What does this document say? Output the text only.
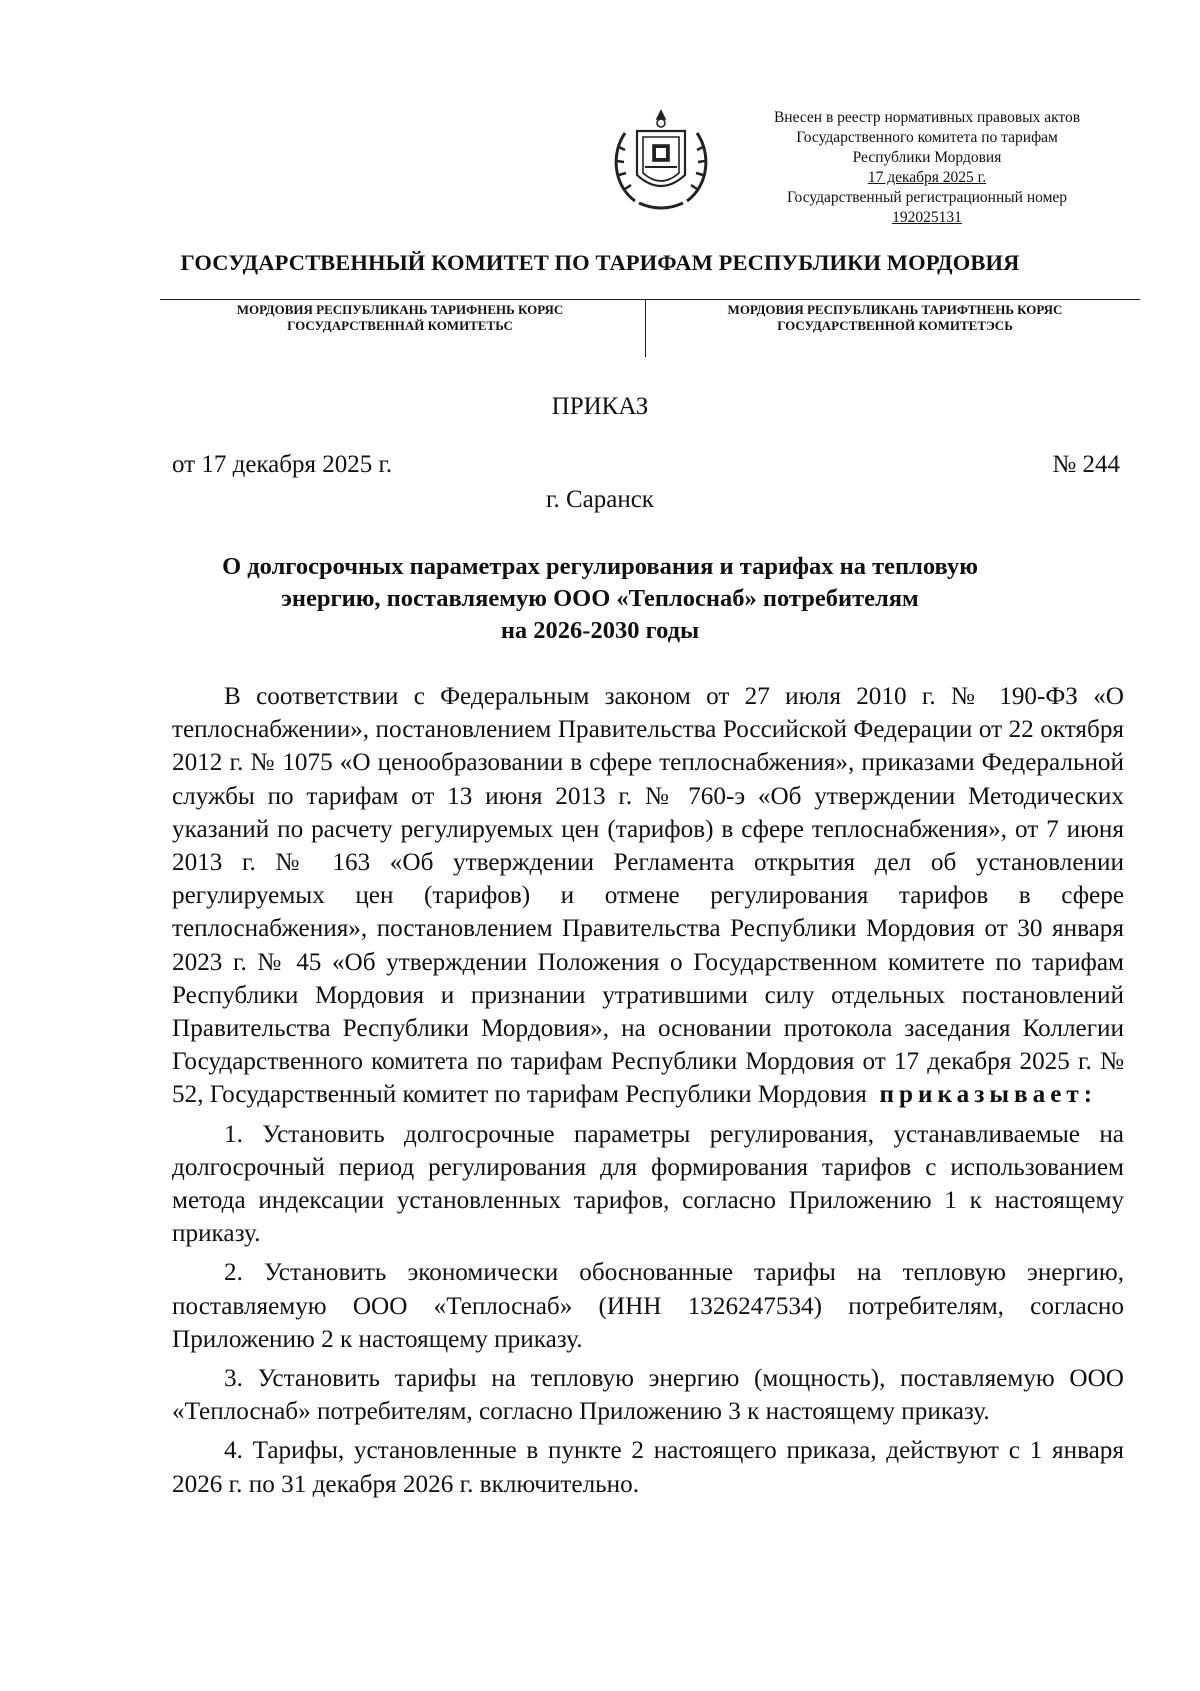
Внесен в реестр нормативных правовых актов
Государственного комитета по тарифам
Республики Мордовия
17 декабря 2025 г.
Государственный регистрационный номер
192025131
ГОСУДАРСТВЕННЫЙ КОМИТЕТ ПО ТАРИФАМ РЕСПУБЛИКИ МОРДОВИЯ
МОРДОВИЯ РЕСПУБЛИКАНЬ ТАРИФНЕНЬ КОРЯС
ГОСУДАРСТВЕННАЙ КОМИТЕТЬС
МОРДОВИЯ РЕСПУБЛИКАНЬ ТАРИФТНЕНЬ КОРЯС
ГОСУДАРСТВЕННОЙ КОМИТЕТЭСЬ
ПРИКАЗ
от 17 декабря 2025 г.	№ 244
г. Саранск
О долгосрочных параметрах регулирования и тарифах на тепловую
энергию, поставляемую ООО «Теплоснаб» потребителям
на 2026-2030 годы

В соответствии с Федеральным законом от 27 июля 2010 г. № 190-ФЗ «О теплоснабжении», постановлением Правительства Российской Федерации от 22 октября 2012 г. № 1075 «О ценообразовании в сфере теплоснабжения», приказами Федеральной службы по тарифам от 13 июня 2013 г. № 760-э «Об утверждении Методических указаний по расчету регулируемых цен (тарифов) в сфере теплоснабжения», от 7 июня 2013 г. № 163 «Об утверждении Регламента открытия дел об установлении регулируемых цен (тарифов) и отмене регулирования тарифов в сфере теплоснабжения», постановлением Правительства Республики Мордовия от 30 января 2023 г. № 45 «Об утверждении Положения о Государственном комитете по тарифам Республики Мордовия и признании утратившими силу отдельных постановлений Правительства Республики Мордовия», на основании протокола заседания Коллегии Государственного комитета по тарифам Республики Мордовия от 17 декабря 2025 г. № 52, Государственный комитет по тарифам Республики Мордовия приказывает:

1. Установить долгосрочные параметры регулирования, устанавливаемые на долгосрочный период регулирования для формирования тарифов с использованием метода индексации установленных тарифов, согласно Приложению 1 к настоящему приказу.

2. Установить экономически обоснованные тарифы на тепловую энергию, поставляемую ООО «Теплоснаб» (ИНН 1326247534) потребителям, согласно Приложению 2 к настоящему приказу.

3. Установить тарифы на тепловую энергию (мощность), поставляемую ООО «Теплоснаб» потребителям, согласно Приложению 3 к настоящему приказу.

4. Тарифы, установленные в пункте 2 настоящего приказа, действуют с 1 января 2026 г. по 31 декабря 2026 г. включительно.
